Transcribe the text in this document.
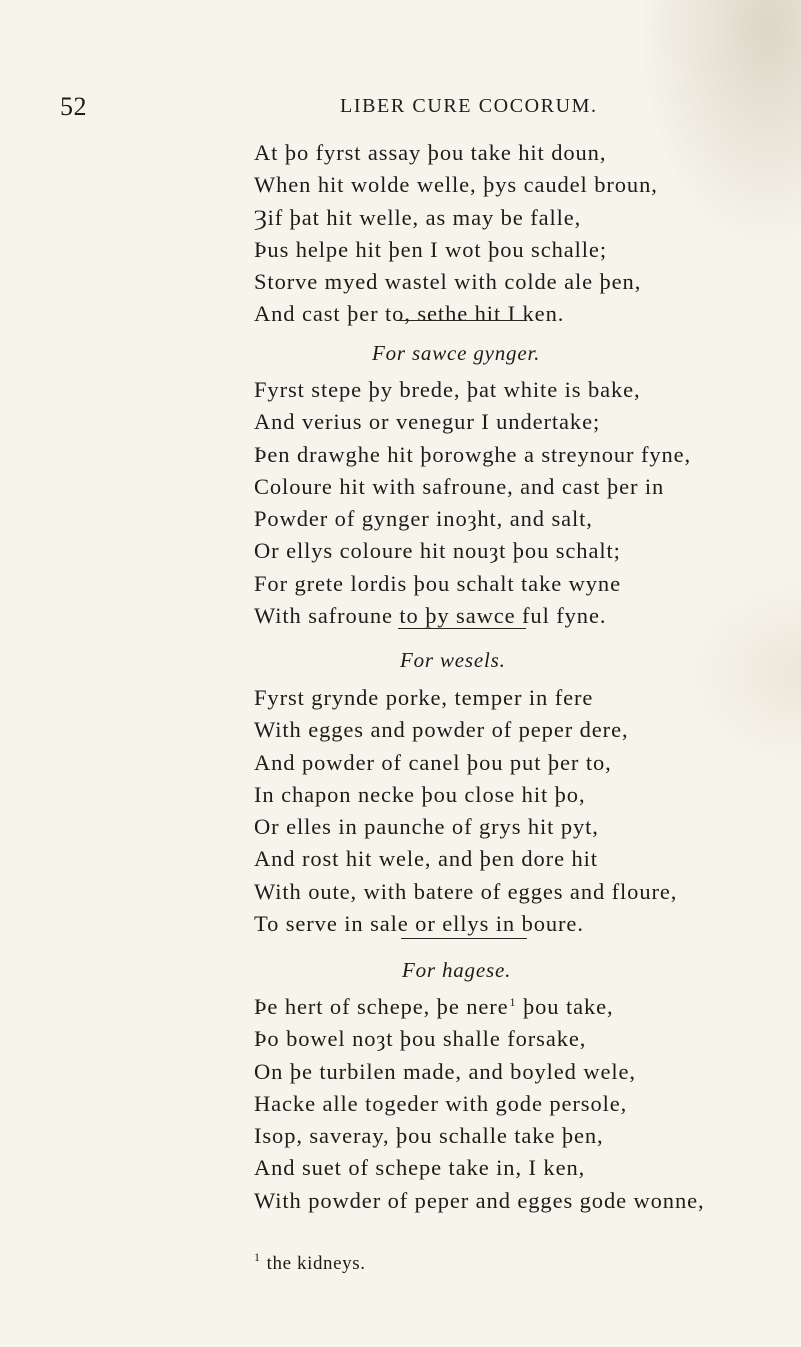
52	LIBER CURE COCORUM.
At þo fyrst assay þou take hit doun,
When hit wolde welle, þys caudel broun,
Ȝif þat hit welle, as may be falle,
Þus helpe hit þen I wot þou schalle;
Storve myed wastel with colde ale þen,
And cast þer to, sethe hit I ken.
For sawce gynger.
Fyrst stepe þy brede, þat white is bake,
And verius or venegur I undertake;
Þen drawghe hit þorowghe a streynour fyne,
Coloure hit with safroune, and cast þer in
Powder of gynger inoȝht, and salt,
Or ellys coloure hit nouȝt þou schalt;
For grete lordis þou schalt take wyne
With safroune to þy sawce ful fyne.
For wesels.
Fyrst grynde porke, temper in fere
With egges and powder of peper dere,
And powder of canel þou put þer to,
In chapon necke þou close hit þo,
Or elles in paunche of grys hit pyt,
And rost hit wele, and þen dore hit
With oute, with batere of egges and floure,
To serve in sale or ellys in boure.
For hagese.
Þe hert of schepe, þe nere$^1$ þou take,
Þo bowel noȝt þou shalle forsake,
On þe turbilen made, and boyled wele,
Hacke alle togeder with gode persole,
Isop, saveray, þou schalle take þen,
And suet of schepe take in, I ken,
With powder of peper and egges gode wonne,
$^1$ the kidneys.
